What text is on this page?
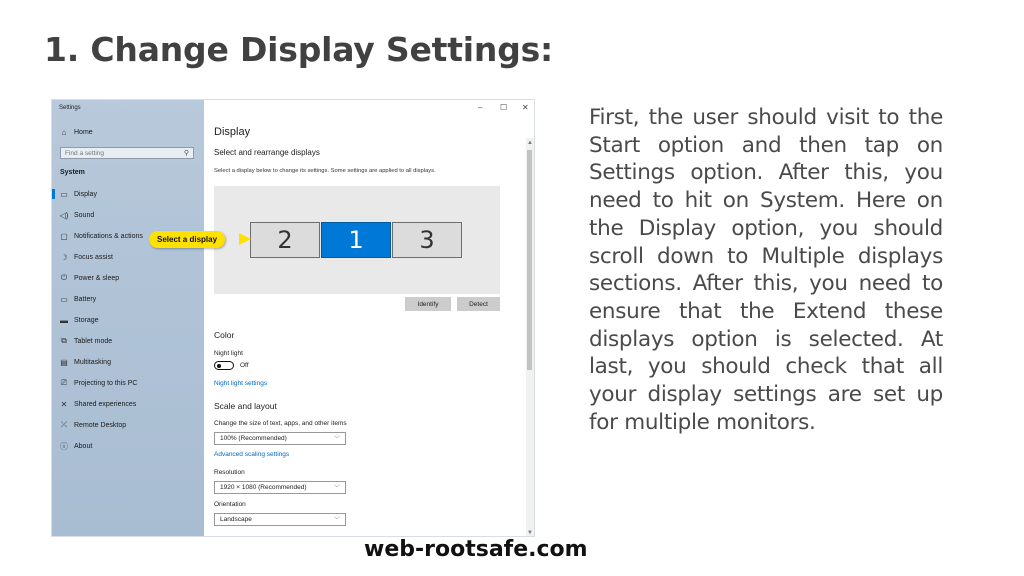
1. Change Display Settings:
Settings
⌂	Home
Find a setting	⚲
System
▭ Display
◁) Sound
▢ Notifications & actions
☽ Focus assist
⏻ Power & sleep
▭ Battery
▬ Storage
⧉	Tablet mode
▤ Multitasking
⎚ Projecting to this PC
✕ Shared experiences
⤫ Remote Desktop
ⓘ About
– ☐ ✕
Display
Select and rearrange displays
Select a display below to change its settings. Some settings are applied to all displays.
2	1	3
Identify	Detect
Color
Night light
Off
Night light settings
Scale and layout
Change the size of text, apps, and other items
100% (Recommended)	﹀
Advanced scaling settings
Resolution
1920 × 1080 (Recommended)	﹀
Orientation
Landscape	﹀
▲
▼
Select a display

First, the user should visit to the Start option and then tap on Settings option. After this, you need to hit on System. Here on the Display option, you should scroll down to Multiple displays sections. After this, you need to ensure that the Extend these displays option is selected. At last, you should check that all your display settings are set up for multiple monitors.

web-rootsafe.com
